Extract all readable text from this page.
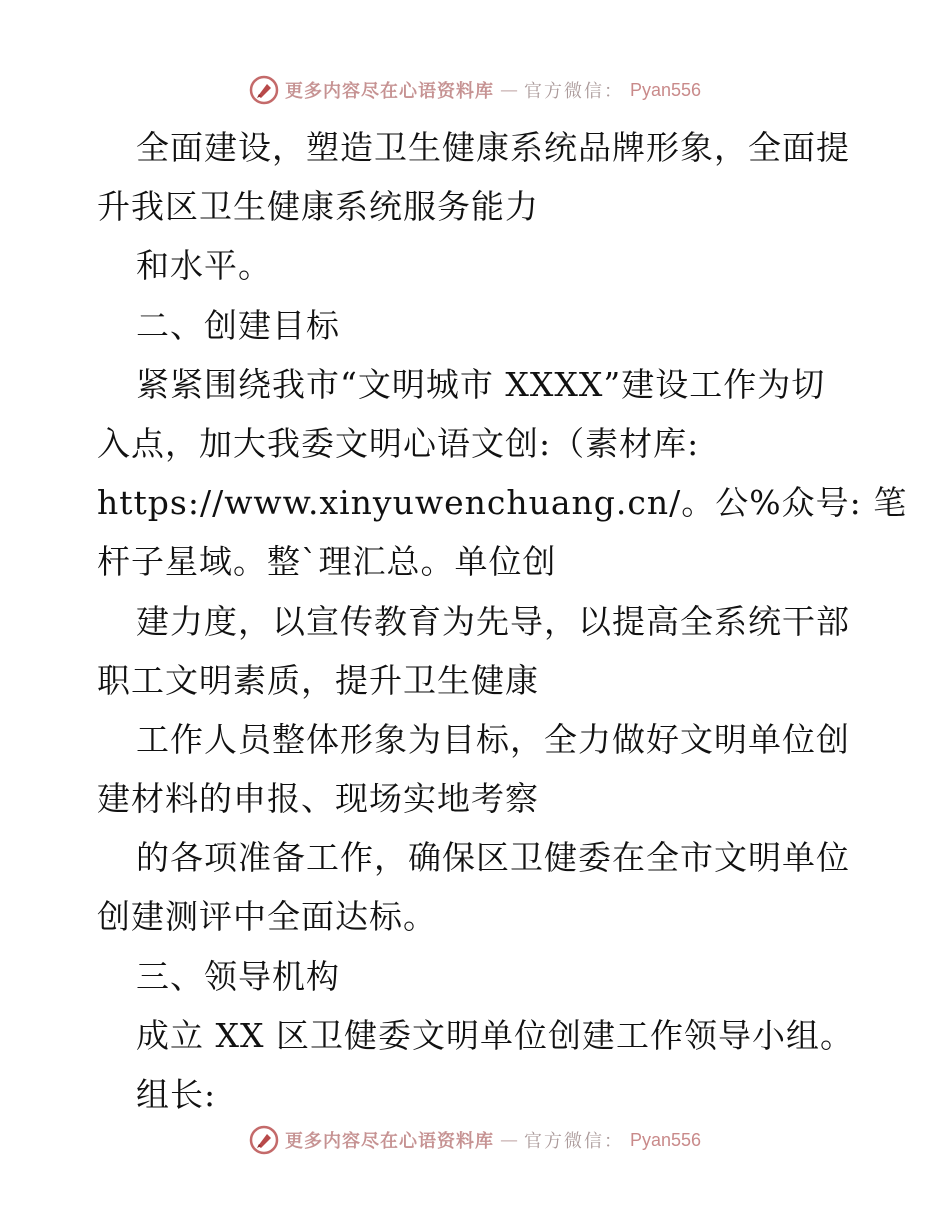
更多内容尽在心语资料库 — 官方微信： Pyan556
全面建设，塑造卫生健康系统品牌形象，全面提
升我区卫生健康系统服务能力
和水平。
二、创建目标
紧紧围绕我市“文明城市 XXXX”建设工作为切
入点，加大我委文明心语文创:（素材库:
https://www.xinyuwenchuang.cn/。公%众号: 笔
杆子星域。整`理汇总。单位创
建力度，以宣传教育为先导，以提高全系统干部
职工文明素质，提升卫生健康
工作人员整体形象为目标，全力做好文明单位创
建材料的申报、现场实地考察
的各项准备工作，确保区卫健委在全市文明单位
创建测评中全面达标。
三、领导机构
成立 XX 区卫健委文明单位创建工作领导小组。
组长:
更多内容尽在心语资料库 — 官方微信： Pyan556
